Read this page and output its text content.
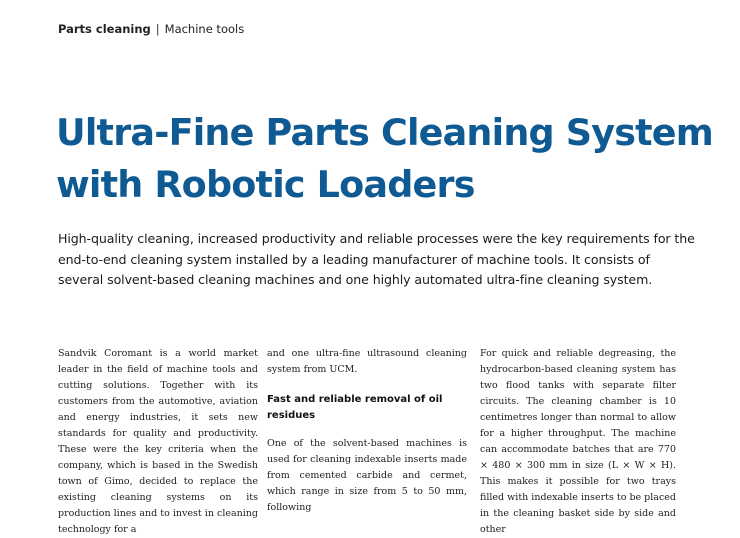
Parts cleaning | Machine tools
Ultra-Fine Parts Cleaning System with Robotic Loaders

High-quality cleaning, increased productivity and reliable processes were the key requirements for the end-to-end cleaning system installed by a leading manufacturer of machine tools. It consists of several solvent-based cleaning machines and one highly automated ultra-fine cleaning system.

Sandvik Coromant is a world market leader in the field of machine tools and cutting solutions. Together with its customers from the automotive, aviation and energy industries, it sets new standards for quality and productivity. These were the key criteria when the company, which is based in the Swedish town of Gimo, decided to replace the existing cleaning systems on its production lines and to invest in cleaning technology for a

and one ultra-fine ultrasound cleaning system from UCM.

Fast and reliable removal of oil residues

One of the solvent-based machines is used for cleaning indexable inserts made from cemented carbide and cermet, which range in size from 5 to 50 mm, following

For quick and reliable degreasing, the hydrocarbon-based cleaning system has two flood tanks with separate filter circuits. The cleaning chamber is 10 centimetres longer than normal to allow for a higher throughput. The machine can accommodate batches that are 770 × 480 × 300 mm in size (L × W × H). This makes it possible for two trays filled with indexable inserts to be placed in the cleaning basket side by side and other
